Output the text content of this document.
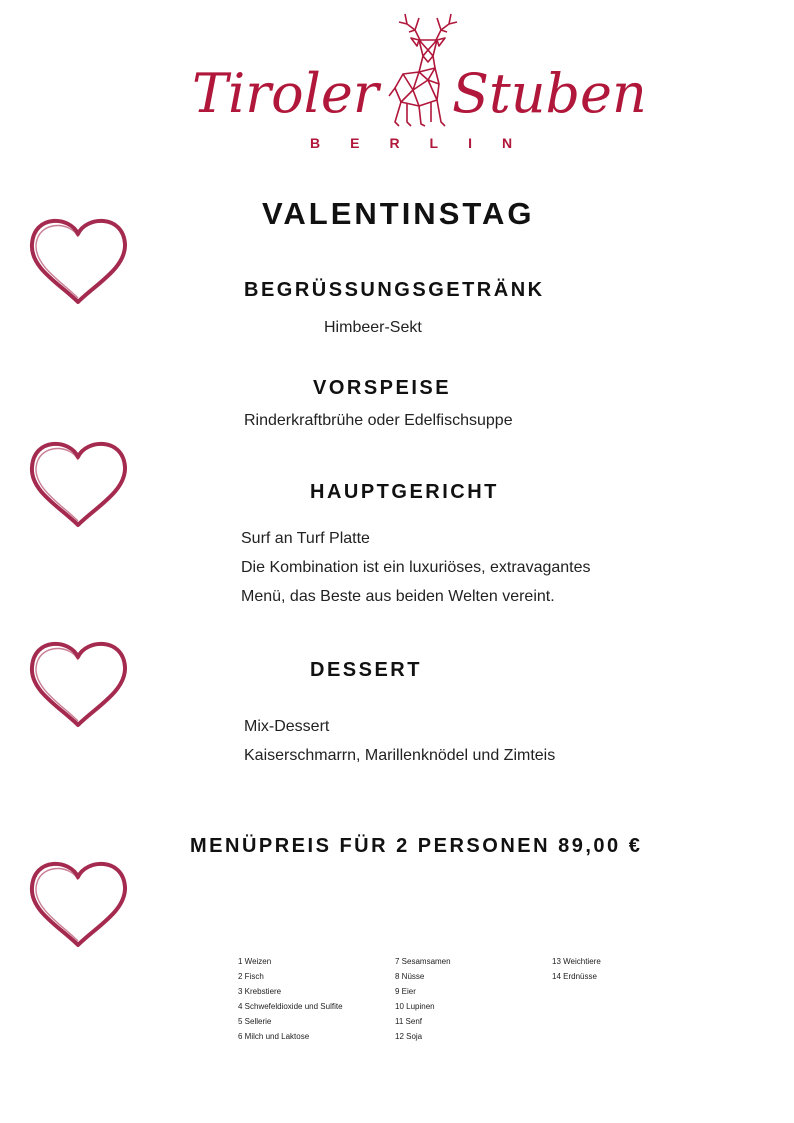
Tiroler Stuben
BERLIN
VALENTINSTAG
BEGRÜSSUNGSGETRÄNK
Himbeer-Sekt
VORSPEISE
Rinderkraftbrühe oder Edelfischsuppe
HAUPTGERICHT
Surf an Turf Platte
Die Kombination ist ein luxuriöses, extravagantes
Menü, das Beste aus beiden Welten vereint.
DESSERT
Mix-Dessert
Kaiserschmarrn, Marillenknödel und Zimteis
MENÜPREIS FÜR 2 PERSONEN 89,00 €
1 Weizen
2 Fisch
3 Krebstiere
4 Schwefeldioxide und Sulfite
5 Sellerie
6 Milch und Laktose
7 Sesamsamen
8 Nüsse
9 Eier
10 Lupinen
11 Senf
12 Soja
13 Weichtiere
14 Erdnüsse
